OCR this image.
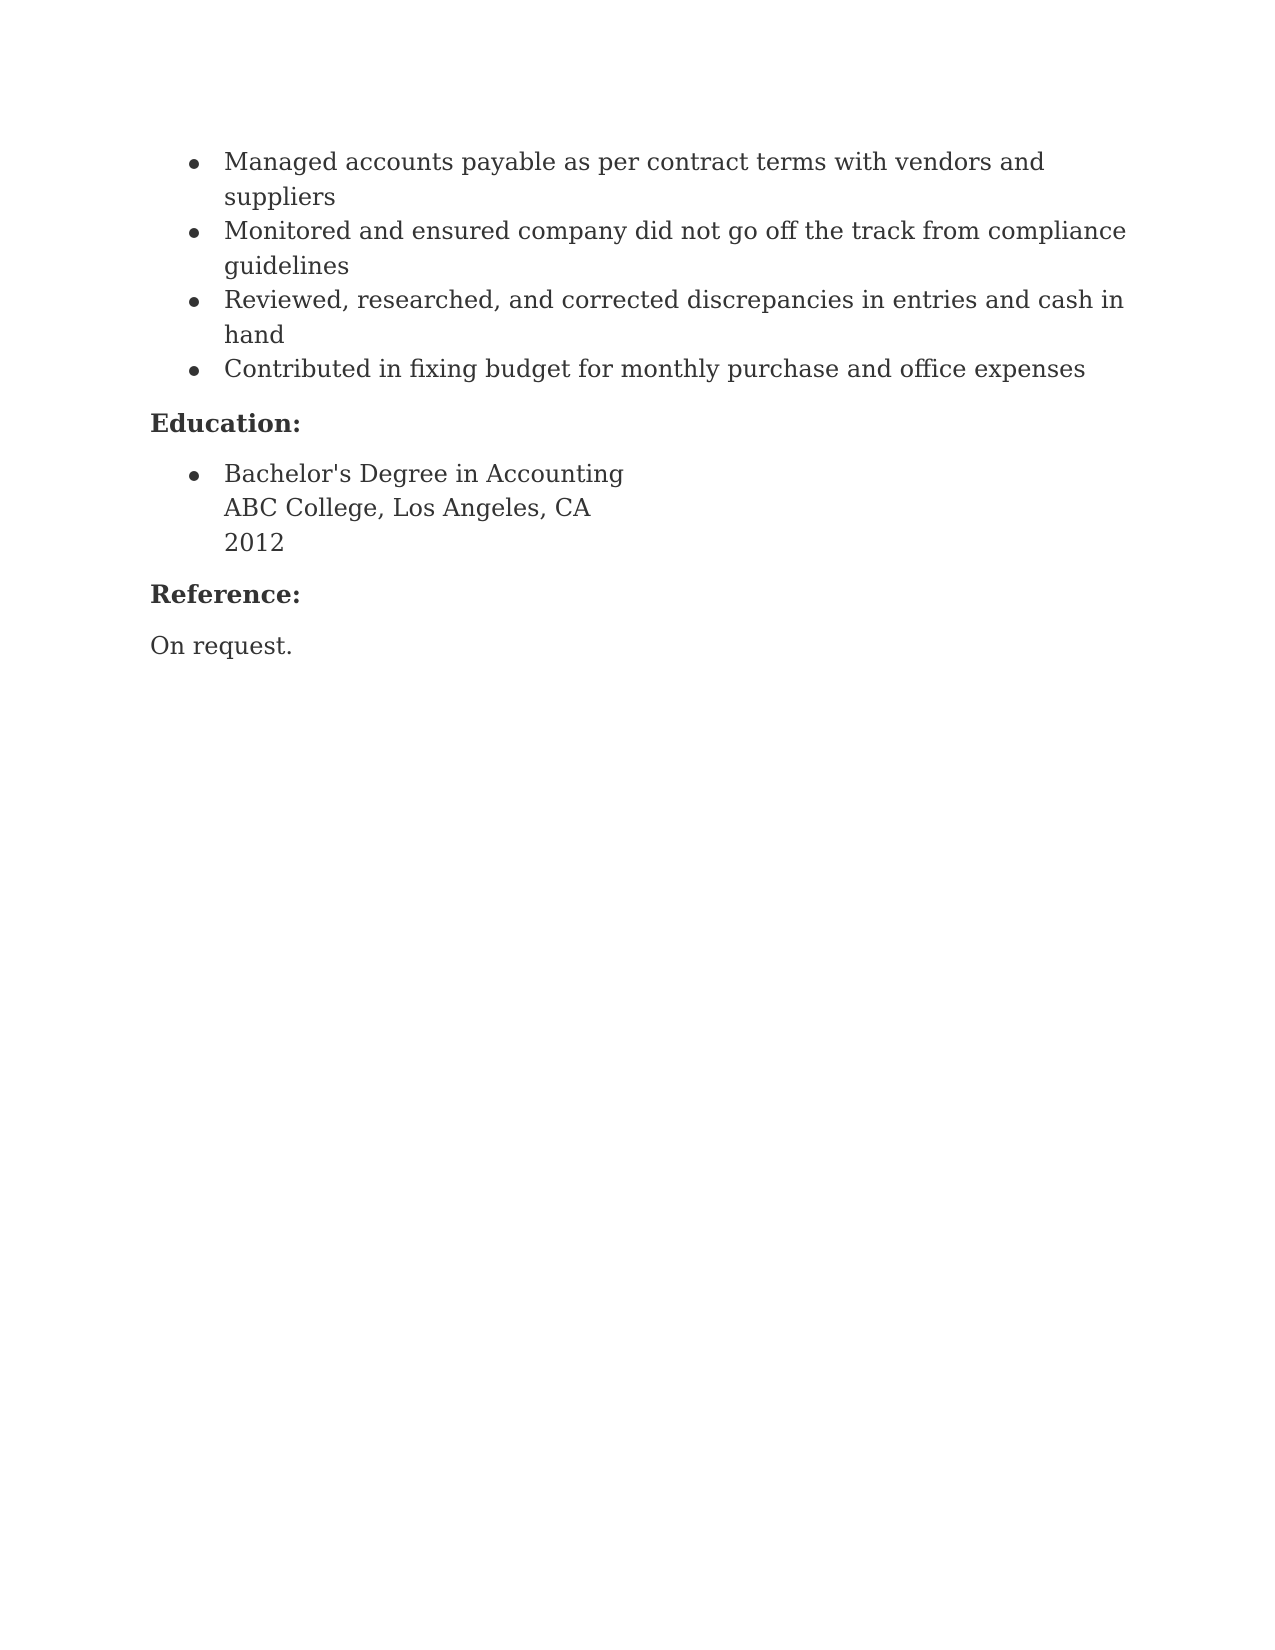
Managed accounts payable as per contract terms with vendors and suppliers
Monitored and ensured company did not go off the track from compliance guidelines
Reviewed, researched, and corrected discrepancies in entries and cash in hand
Contributed in fixing budget for monthly purchase and office expenses
Education:
Bachelor's Degree in Accounting
ABC College, Los Angeles, CA
2012
Reference:
On request.
